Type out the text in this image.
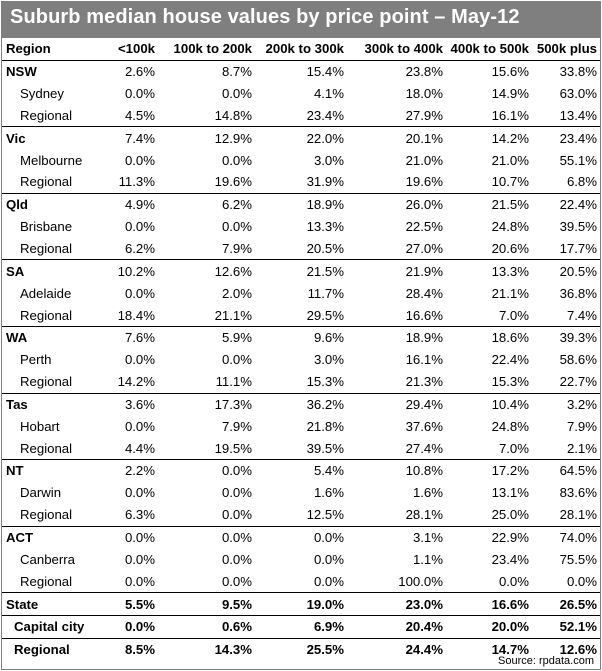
Suburb median house values by price point – May-12
Region	<100k	100k to 200k	200k to 300k	300k to 400k	400k to 500k	500k plus
NSW	2.6%	8.7%	15.4%	23.8%	15.6%	33.8%
Sydney	0.0%	0.0%	4.1%	18.0%	14.9%	63.0%
Regional	4.5%	14.8%	23.4%	27.9%	16.1%	13.4%
Vic	7.4%	12.9%	22.0%	20.1%	14.2%	23.4%
Melbourne	0.0%	0.0%	3.0%	21.0%	21.0%	55.1%
Regional	11.3%	19.6%	31.9%	19.6%	10.7%	6.8%
Qld	4.9%	6.2%	18.9%	26.0%	21.5%	22.4%
Brisbane	0.0%	0.0%	13.3%	22.5%	24.8%	39.5%
Regional	6.2%	7.9%	20.5%	27.0%	20.6%	17.7%
SA	10.2%	12.6%	21.5%	21.9%	13.3%	20.5%
Adelaide	0.0%	2.0%	11.7%	28.4%	21.1%	36.8%
Regional	18.4%	21.1%	29.5%	16.6%	7.0%	7.4%
WA	7.6%	5.9%	9.6%	18.9%	18.6%	39.3%
Perth	0.0%	0.0%	3.0%	16.1%	22.4%	58.6%
Regional	14.2%	11.1%	15.3%	21.3%	15.3%	22.7%
Tas	3.6%	17.3%	36.2%	29.4%	10.4%	3.2%
Hobart	0.0%	7.9%	21.8%	37.6%	24.8%	7.9%
Regional	4.4%	19.5%	39.5%	27.4%	7.0%	2.1%
NT	2.2%	0.0%	5.4%	10.8%	17.2%	64.5%
Darwin	0.0%	0.0%	1.6%	1.6%	13.1%	83.6%
Regional	6.3%	0.0%	12.5%	28.1%	25.0%	28.1%
ACT	0.0%	0.0%	0.0%	3.1%	22.9%	74.0%
Canberra	0.0%	0.0%	0.0%	1.1%	23.4%	75.5%
Regional	0.0%	0.0%	0.0%	100.0%	0.0%	0.0%
State	5.5%	9.5%	19.0%	23.0%	16.6%	26.5%
Capital city	0.0%	0.6%	6.9%	20.4%	20.0%	52.1%
Regional	8.5%	14.3%	25.5%	24.4%	14.7%	12.6%
Source: rpdata.com
